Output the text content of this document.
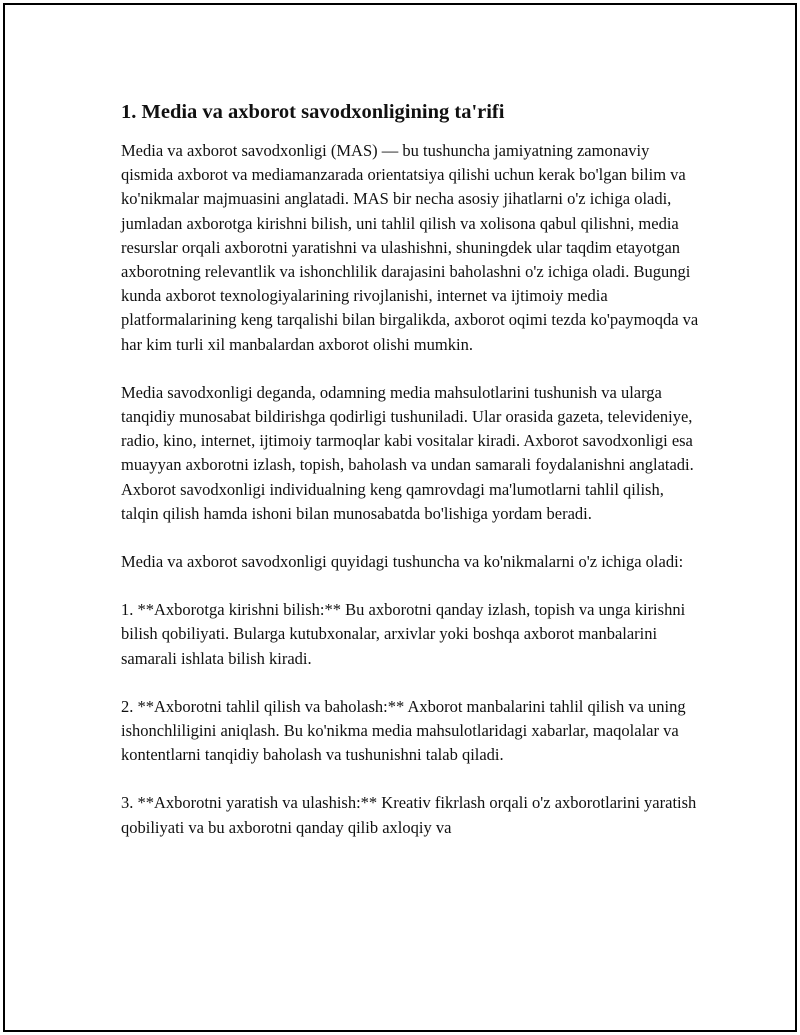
1. Media va axborot savodxonligining ta'rifi

Media va axborot savodxonligi (MAS) — bu tushuncha jamiyatning zamonaviy qismida axborot va mediamanzarada orientatsiya qilishi uchun kerak bo'lgan bilim va ko'nikmalar majmuasini anglatadi. MAS bir necha asosiy jihatlarni o'z ichiga oladi, jumladan axborotga kirishni bilish, uni tahlil qilish va xolisona qabul qilishni, media resurslar orqali axborotni yaratishni va ulashishni, shuningdek ular taqdim etayotgan axborotning relevantlik va ishonchlilik darajasini baholashni o'z ichiga oladi. Bugungi kunda axborot texnologiyalarining rivojlanishi, internet va ijtimoiy media platformalarining keng tarqalishi bilan birgalikda, axborot oqimi tezda ko'paymoqda va har kim turli xil manbalardan axborot olishi mumkin.

Media savodxonligi deganda, odamning media mahsulotlarini tushunish va ularga tanqidiy munosabat bildirishga qodirligi tushuniladi. Ular orasida gazeta, televideniye, radio, kino, internet, ijtimoiy tarmoqlar kabi vositalar kiradi. Axborot savodxonligi esa muayyan axborotni izlash, topish, baholash va undan samarali foydalanishni anglatadi. Axborot savodxonligi individualning keng qamrovdagi ma'lumotlarni tahlil qilish, talqin qilish hamda ishoni bilan munosabatda bo'lishiga yordam beradi.

Media va axborot savodxonligi quyidagi tushuncha va ko'nikmalarni o'z ichiga oladi:

1. **Axborotga kirishni bilish:** Bu axborotni qanday izlash, topish va unga kirishni bilish qobiliyati. Bularga kutubxonalar, arxivlar yoki boshqa axborot manbalarini samarali ishlata bilish kiradi.

2. **Axborotni tahlil qilish va baholash:** Axborot manbalarini tahlil qilish va uning ishonchliligini aniqlash. Bu ko'nikma media mahsulotlaridagi xabarlar, maqolalar va kontentlarni tanqidiy baholash va tushunishni talab qiladi.

3. **Axborotni yaratish va ulashish:** Kreativ fikrlash orqali o'z axborotlarini yaratish qobiliyati va bu axborotni qanday qilib axloqiy va
